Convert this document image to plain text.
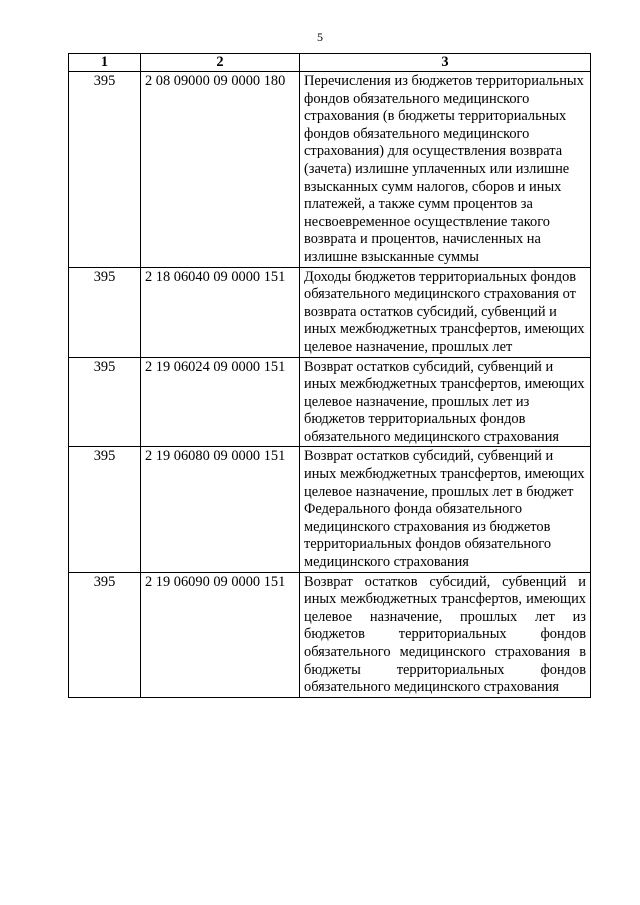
5
1	2	3
395	2 08 09000 09 0000 180	Перечисления из бюджетов территориальных фондов обязательного медицинского страхования (в бюджеты территориальных фондов обязательного медицинского страхования) для осуществления возврата (зачета) излишне уплаченных или излишне взысканных сумм налогов, сборов и иных платежей, а также сумм процентов за несвоевременное осуществление такого возврата и процентов, начисленных на излишне взысканные суммы
395	2 18 06040 09 0000 151	Доходы бюджетов территориальных фондов обязательного медицинского страхования от возврата остатков субсидий, субвенций и иных межбюджетных трансфертов, имеющих целевое назначение, прошлых лет
395	2 19 06024 09 0000 151	Возврат остатков субсидий, субвенций и иных межбюджетных трансфертов, имеющих целевое назначение, прошлых лет из бюджетов территориальных фондов обязательного медицинского страхования
395	2 19 06080 09 0000 151	Возврат остатков субсидий, субвенций и иных межбюджетных трансфертов, имеющих целевое назначение, прошлых лет в бюджет Федерального фонда обязательного медицинского страхования из бюджетов территориальных фондов обязательного медицинского страхования
395	2 19 06090 09 0000 151	Возврат остатков субсидий, субвенций и иных межбюджетных трансфертов, имеющих целевое назначение, прошлых лет из бюджетов территориальных фондов обязательного медицинского страхования в бюджеты территориальных фондов обязательного медицинского страхования
